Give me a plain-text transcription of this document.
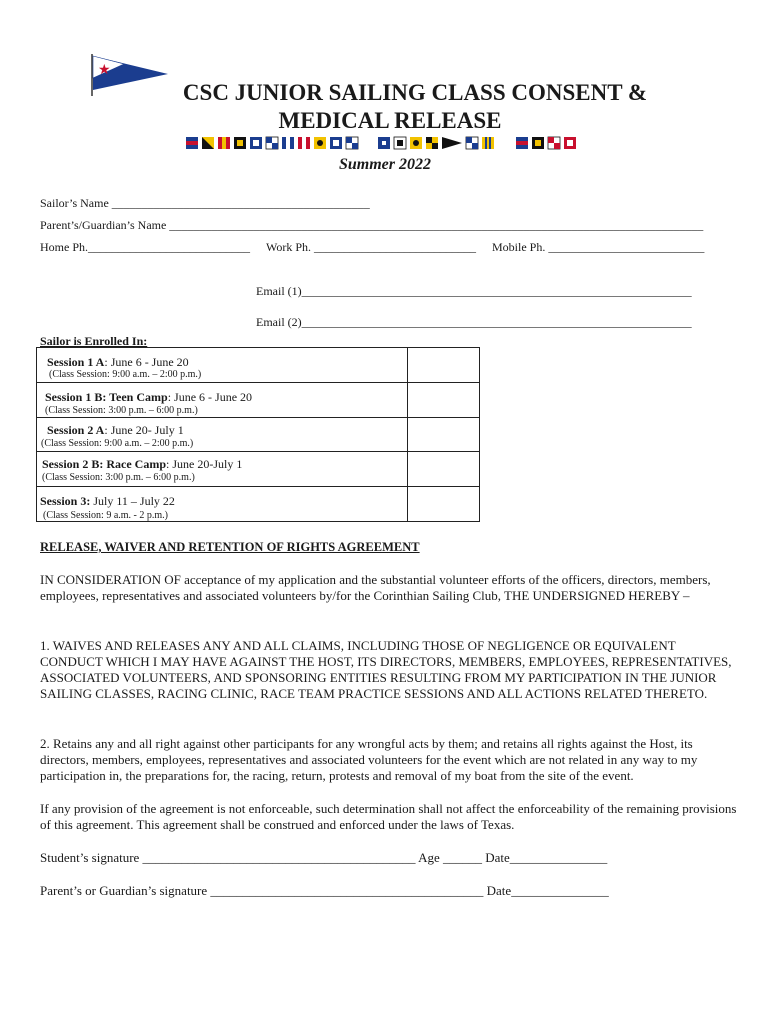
★
CSC JUNIOR SAILING CLASS CONSENT &
MEDICAL RELEASE
Summer 2022
Sailor’s Name ___________________________________________
Parent’s/Guardian’s Name _________________________________________________________________________________________
Home Ph.___________________________ Work Ph. ___________________________ Mobile Ph. __________________________
Email (1)_________________________________________________________________
Email (2)_________________________________________________________________
Sailor is Enrolled In:
Session 1 A: June 6 - June 20
(Class Session: 9:00 a.m. – 2:00 p.m.)
Session 1 B: Teen Camp: June 6 - June 20
(Class Session: 3:00 p.m. – 6:00 p.m.)
Session 2 A: June 20- July 1
(Class Session: 9:00 a.m. – 2:00 p.m.)
Session 2 B: Race Camp: June 20-July 1
(Class Session: 3:00 p.m. – 6:00 p.m.)
Session 3: July 11 – July 22
(Class Session: 9 a.m. - 2 p.m.)
RELEASE, WAIVER AND RETENTION OF RIGHTS AGREEMENT
IN CONSIDERATION OF acceptance of my application and the substantial volunteer efforts of the officers, directors, members, employees, representatives and associated volunteers by/for the Corinthian Sailing Club, THE UNDERSIGNED HEREBY –
1. WAIVES AND RELEASES ANY AND ALL CLAIMS, INCLUDING THOSE OF NEGLIGENCE OR EQUIVALENT CONDUCT WHICH I MAY HAVE AGAINST THE HOST, ITS DIRECTORS, MEMBERS, EMPLOYEES, REPRESENTATIVES, ASSOCIATED VOLUNTEERS, AND SPONSORING ENTITIES RESULTING FROM MY PARTICIPATION IN THE JUNIOR SAILING CLASSES, RACING CLINIC, RACE TEAM PRACTICE SESSIONS AND ALL ACTIONS RELATED THERETO.
2. Retains any and all right against other participants for any wrongful acts by them; and retains all rights against the Host, its directors, members, employees, representatives and associated volunteers for the event which are not related in any way to my participation in, the preparations for, the racing, return, protests and removal of my boat from the site of the event.
If any provision of the agreement is not enforceable, such determination shall not affect the enforceability of the remaining provisions of this agreement. This agreement shall be construed and enforced under the laws of Texas.
Student’s signature __________________________________________ Age ______ Date_______________
Parent’s or Guardian’s signature __________________________________________ Date_______________
